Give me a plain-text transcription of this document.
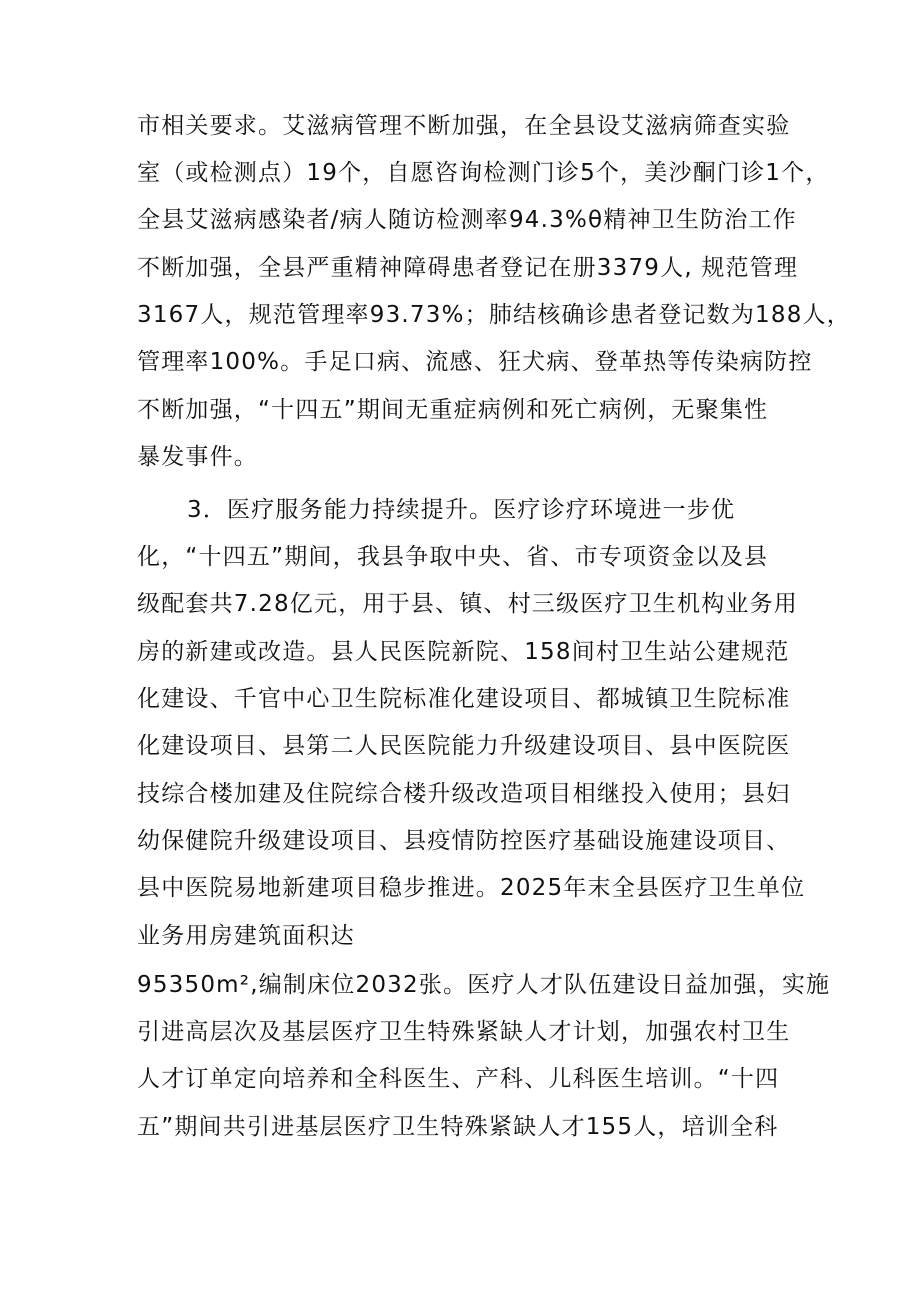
市相关要求。艾滋病管理不断加强，在全县设艾滋病筛查实验
室（或检测点）19个，自愿咨询检测门诊5个，美沙酮门诊1个，
全县艾滋病感染者/病人随访检测率94.3%θ精神卫生防治工作
不断加强，全县严重精神障碍患者登记在册3379人, 规范管理
3167人，规范管理率93.73%；肺结核确诊患者登记数为188人，
管理率100%。手足口病、流感、狂犬病、登革热等传染病防控
不断加强，“十四五”期间无重症病例和死亡病例，无聚集性
暴发事件。
3．医疗服务能力持续提升。医疗诊疗环境进一步优
化，“十四五”期间，我县争取中央、省、市专项资金以及县
级配套共7.28亿元，用于县、镇、村三级医疗卫生机构业务用
房的新建或改造。县人民医院新院、158间村卫生站公建规范
化建设、千官中心卫生院标准化建设项目、都城镇卫生院标准
化建设项目、县第二人民医院能力升级建设项目、县中医院医
技综合楼加建及住院综合楼升级改造项目相继投入使用；县妇
幼保健院升级建设项目、县疫情防控医疗基础设施建设项目、
县中医院易地新建项目稳步推进。2025年末全县医疗卫生单位
业务用房建筑面积达
95350m²,编制床位2032张。医疗人才队伍建设日益加强，实施
引进高层次及基层医疗卫生特殊紧缺人才计划，加强农村卫生
人才订单定向培养和全科医生、产科、儿科医生培训。“十四
五”期间共引进基层医疗卫生特殊紧缺人才155人，培训全科
